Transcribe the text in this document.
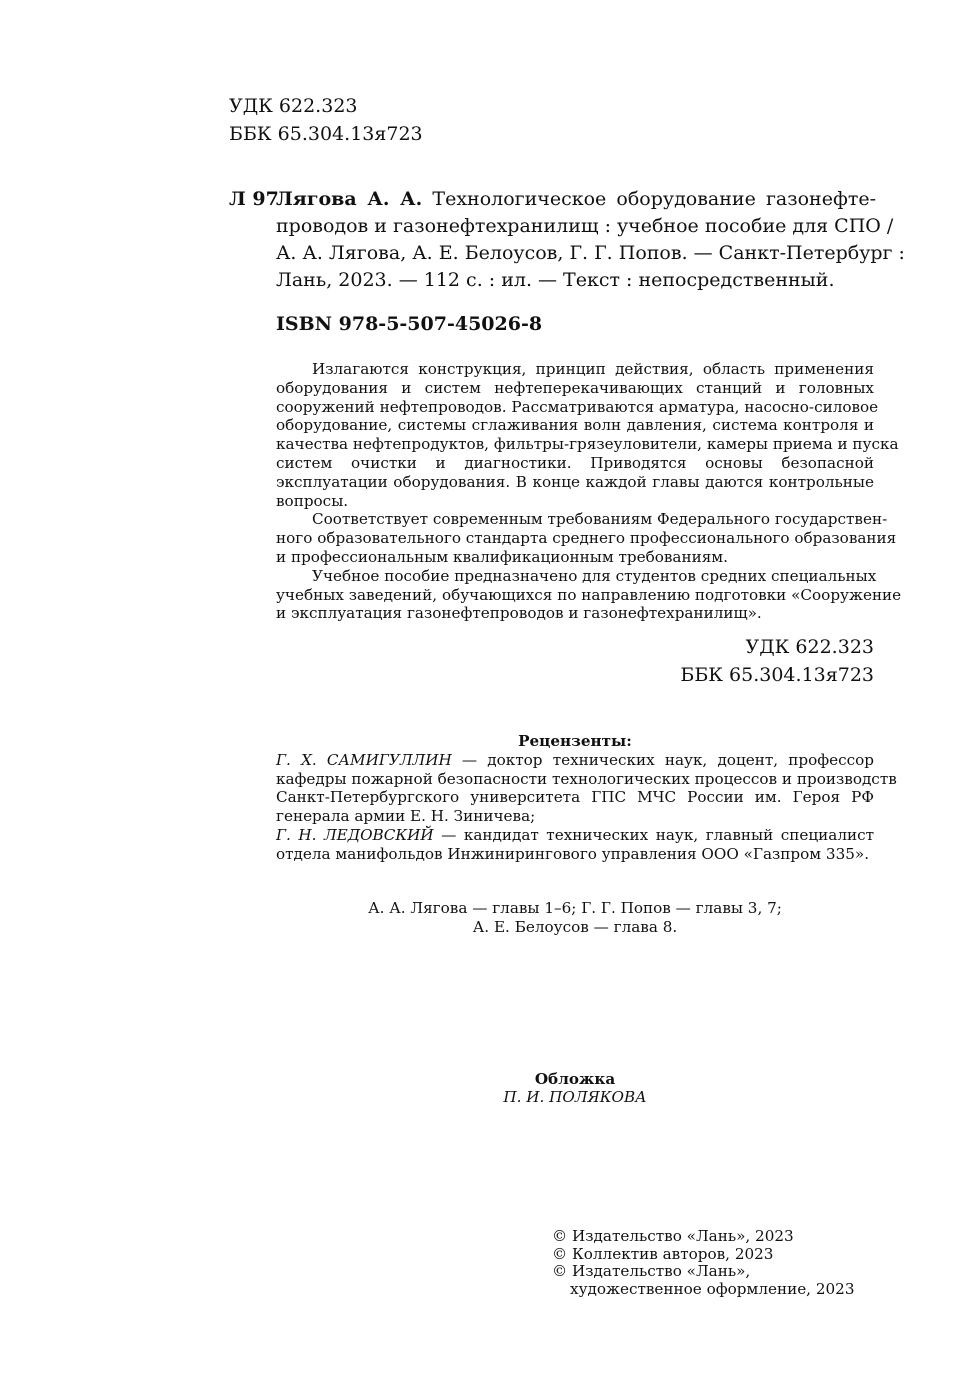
УДК 622.323
ББК 65.304.13я723
Л 97
Лягова А. А. Технологическое оборудование газонефте-
проводов и газонефтехранилищ : учебное пособие для СПО /
А. А. Лягова, А. Е. Белоусов, Г. Г. Попов. — Санкт-Петербург :
Лань, 2023. — 112 с. : ил. — Текст : непосредственный.
ISBN 978-5-507-45026-8
Излагаются конструкция, принцип действия, область применения
оборудования и систем нефтеперекачивающих станций и головных
сооружений нефтепроводов. Рассматриваются арматура, насосно-силовое
оборудование, системы сглаживания волн давления, система контроля и
качества нефтепродуктов, фильтры-грязеуловители, камеры приема и пуска
систем очистки и диагностики. Приводятся основы безопасной
эксплуатации оборудования. В конце каждой главы даются контрольные
вопросы.
Соответствует современным требованиям Федерального государствен-
ного образовательного стандарта среднего профессионального образования
и профессиональным квалификационным требованиям.
Учебное пособие предназначено для студентов средних специальных
учебных заведений, обучающихся по направлению подготовки «Сооружение
и эксплуатация газонефтепроводов и газонефтехранилищ».
УДК 622.323
ББК 65.304.13я723
Рецензенты:
Г. Х. САМИГУЛЛИН — доктор технических наук, доцент, профессор
кафедры пожарной безопасности технологических процессов и производств
Санкт-Петербургского университета ГПС МЧС России им. Героя РФ
генерала армии Е. Н. Зиничева;
Г. Н. ЛЕДОВСКИЙ — кандидат технических наук, главный специалист
отдела манифольдов Инжинирингового управления ООО «Газпром 335».
А. А. Лягова — главы 1–6; Г. Г. Попов — главы 3, 7;
А. Е. Белоусов — глава 8.
Обложка
П. И. ПОЛЯКОВА
© Издательство «Лань», 2023
© Коллектив авторов, 2023
© Издательство «Лань»,
художественное оформление, 2023
